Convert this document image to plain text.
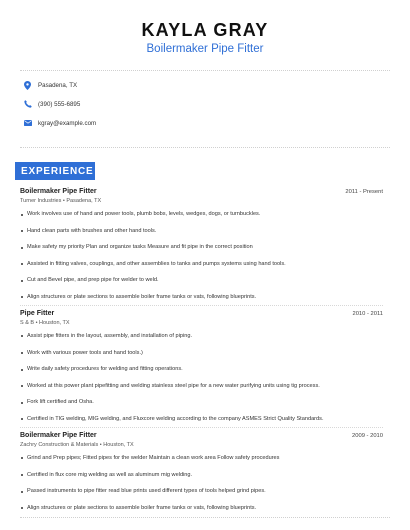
KAYLA GRAY
Boilermaker Pipe Fitter
Pasadena, TX
(390) 555-6895
kgray@example.com
EXPERIENCE
Boilermaker Pipe Fitter	2011 - Present
Turner Industries • Pasadena, TX
Work involves use of hand and power tools, plumb bobs, levels, wedges, dogs, or turnbuckles.
Hand clean parts with brushes and other hand tools.
Make safety my priority Plan and organize tasks Measure and fit pipe in the correct position
Assisted in fitting valves, couplings, and other assemblies to tanks and pumps systems using hand tools.
Cut and Bevel pipe, and prep pipe for welder to weld.
Align structures or plate sections to assemble boiler frame tanks or vats, following blueprints.
Pipe Fitter	2010 - 2011
S & B • Houston, TX
Assist pipe fitters in the layout, assembly, and installation of piping.
Work with various power tools and hand tools.)
Write daily safety procedures for welding and fitting operations.
Worked at this power plant pipefitting and welding stainless steel pipe for a new water purifying units using tig process.
Fork lift certified and Osha.
Certified in TIG welding, MIG welding, and Fluxcore welding according to the company ASMES Strict Quality Standards.
Boilermaker Pipe Fitter	2009 - 2010
Zachry Construction & Materials • Houston, TX
Grind and Prep pipes; Fitted pipes for the welder Maintain a clean work area Follow safety procedures
Certified in flux core mig welding as well as aluminum mig welding.
Passed instruments to pipe fitter read blue prints used different types of tools helped grind pipes.
Align structures or plate sections to assemble boiler frame tanks or vats, following blueprints.
